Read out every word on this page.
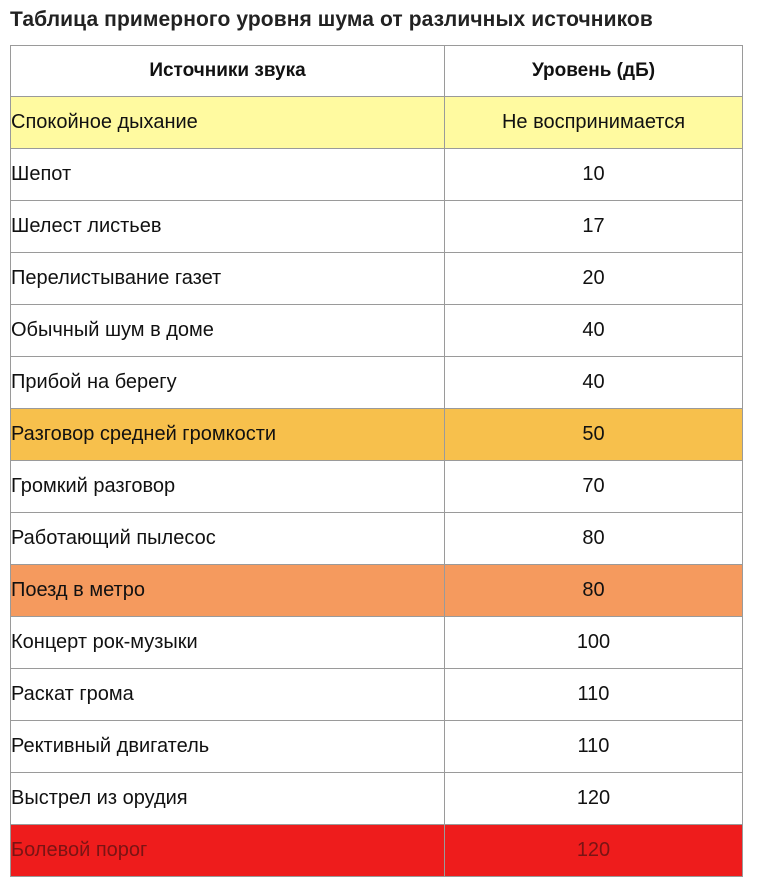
Таблица примерного уровня шума от различных источников
Источники звука	Уровень (дБ)
Спокойное дыхание	Не воспринимается
Шепот	10
Шелест листьев	17
Перелистывание газет	20
Обычный шум в доме	40
Прибой на берегу	40
Разговор средней громкости	50
Громкий разговор	70
Работающий пылесос	80
Поезд в метро	80
Концерт рок-музыки	100
Раскат грома	110
Рективный двигатель	110
Выстрел из орудия	120
Болевой порог	120
